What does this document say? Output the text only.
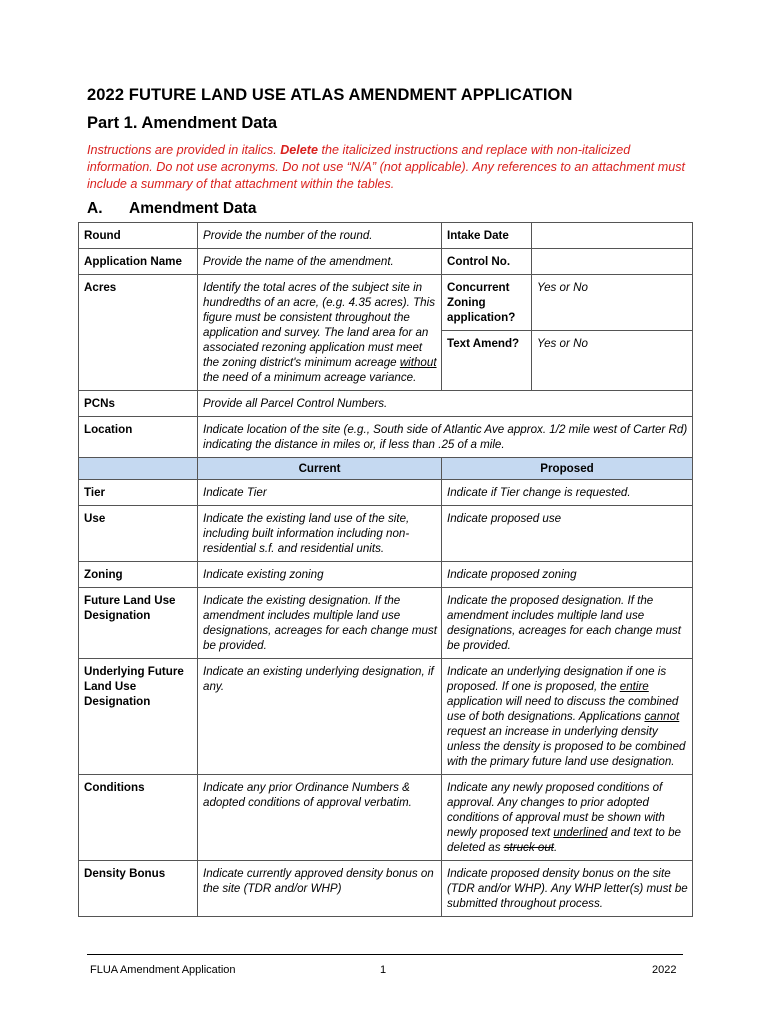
2022 FUTURE LAND USE ATLAS AMENDMENT APPLICATION
Part 1. Amendment Data

Instructions are provided in italics. Delete the italicized instructions and replace with non-italicized information. Do not use acronyms. Do not use “N/A” (not applicable). Any references to an attachment must include a summary of that attachment within the tables.

A. Amendment Data
Round	Provide the number of the round.	Intake Date	
Application Name	Provide the name of the amendment.	Control No.	
Acres	Identify the total acres of the subject site in hundredths of an acre, (e.g. 4.35 acres). This figure must be consistent throughout the application and survey. The land area for an associated rezoning application must meet the zoning district's minimum acreage without the need of a minimum acreage variance.	Concurrent Zoning application?	Yes or No
		Text Amend?	Yes or No
PCNs	Provide all Parcel Control Numbers.		
Location	Indicate location of the site (e.g., South side of Atlantic Ave approx. 1/2 mile west of Carter Rd) indicating the distance in miles or, if less than .25 of a mile.		
	Current	Proposed	
Tier	Indicate Tier	Indicate if Tier change is requested.	
Use	Indicate the existing land use of the site, including built information including non-residential s.f. and residential units.	Indicate proposed use	
Zoning	Indicate existing zoning	Indicate proposed zoning	
Future Land Use Designation	Indicate the existing designation. If the amendment includes multiple land use designations, acreages for each change must be provided.	Indicate the proposed designation. If the amendment includes multiple land use designations, acreages for each change must be provided.	
Underlying Future Land Use Designation	Indicate an existing underlying designation, if any.	Indicate an underlying designation if one is proposed. If one is proposed, the entire application will need to discuss the combined use of both designations. Applications cannot request an increase in underlying density unless the density is proposed to be combined with the primary future land use designation.	
Conditions	Indicate any prior Ordinance Numbers & adopted conditions of approval verbatim.	Indicate any newly proposed conditions of approval. Any changes to prior adopted conditions of approval must be shown with newly proposed text underlined and text to be deleted as struck out.	
Density Bonus	Indicate currently approved density bonus on the site (TDR and/or WHP)	Indicate proposed density bonus on the site (TDR and/or WHP). Any WHP letter(s) must be submitted throughout process.	
FLUA Amendment Application	1	2022
